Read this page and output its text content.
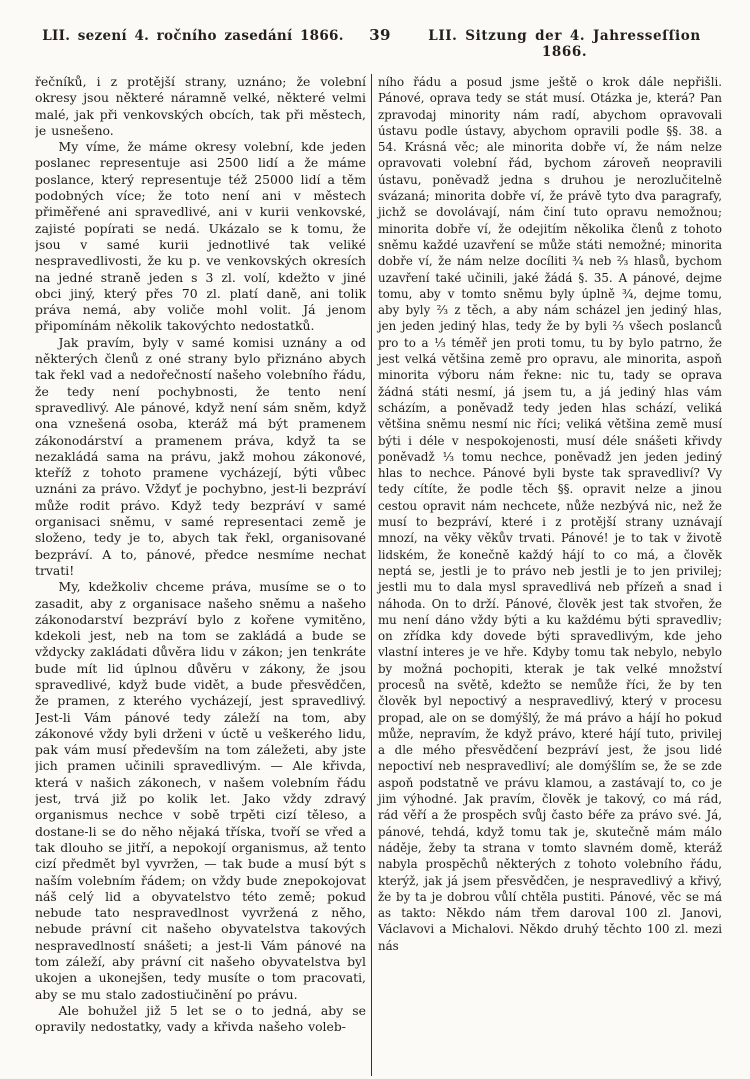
LII. sezení 4. ročního zasedání 1866.	39	LII. Sitzung der 4. Jahresseſſion 1866.

řečníků, i z protější strany, uznáno; že volební okresy jsou některé náramně velké, některé velmi malé, jak při venkovských obcích, tak při městech, je usnešeno.

My víme, že máme okresy volební, kde jeden poslanec representuje asi 2500 lidí a že máme poslance, který representuje též 25000 lidí a těm podobných více; že toto není ani v městech přiměřené ani spravedlivé, ani v kurii venkovské, zajisté popírati se nedá. Ukázalo se k tomu, že jsou v samé kurii jednotlivé tak veliké nespravedlivosti, že ku p. ve venkovských okresích na jedné straně jeden s 3 zl. volí, kdežto v jiné obci jiný, který přes 70 zl. platí daně, ani tolik práva nemá, aby voliče mohl volit. Já jenom připomínám několik takovýchto nedostatků.

Jak pravím, byly v samé komisi uznány a od některých členů z oné strany bylo přiznáno abych tak řekl vad a nedořečností našeho volebního řádu, že tedy není pochybnosti, že tento není spravedlivý. Ale pánové, když není sám sněm, když ona vznešená osoba, kteráž má být pramenem zákonodárství a pramenem práva, když ta se nezakládá sama na právu, jakž mohou zákonové, kteříž z tohoto pramene vycházejí, býti vůbec uznáni za právo. Vždyť je pochybno, jest-li bezpráví může rodit právo. Když tedy bezpráví v samé organisaci sněmu, v samé representaci země je složeno, tedy je to, abych tak řekl, organisované bezpráví. A to, pánové, předce nesmíme nechat trvati!

My, kdežkoliv chceme práva, musíme se o to zasadit, aby z organisace našeho sněmu a našeho zákonodarství bezpráví bylo z kořene vymitěno, kdekoli jest, neb na tom se zakládá a bude se vždycky zakládati důvěra lidu v zákon; jen tenkráte bude mít lid úplnou důvěru v zákony, že jsou spravedlivé, když bude vidět, a bude přesvědčen, že pramen, z kterého vycházejí, jest spravedlivý. Jest-li Vám pánové tedy záleží na tom, aby zákonové vždy byli drženi v úctě u veškerého lidu, pak vám musí především na tom záležeti, aby jste jich pramen učinili spravedlivým. — Ale křivda, která v našich zákonech, v našem volebním řádu jest, trvá již po kolik let. Jako vždy zdravý organismus nechce v sobě trpěti cizí těleso, a dostane-li se do něho nějaká tříska, tvoří se vřed a tak dlouho se jitří, a nepokojí organismus, až tento cizí předmět byl vyvržen, — tak bude a musí být s naším volebním řádem; on vždy bude znepokojovat náš celý lid a obyvatelstvo této země; pokud nebude tato nespravedlnost vyvržená z něho, nebude právní cit našeho obyvatelstva takových nespravedlností snášeti; a jest-li Vám pánové na tom záleží, aby právní cit našeho obyvatelstva byl ukojen a ukonejšen, tedy musíte o tom pracovati, aby se mu stalo zadostiučinění po právu.

Ale bohužel již 5 let se o to jedná, aby se opravily nedostatky, vady a křivda našeho voleb-

ního řádu a posud jsme ještě o krok dále nepřišli. Pánové, oprava tedy se stát musí. Otázka je, která? Pan zpravodaj minority nám radí, abychom opravovali ústavu podle ústavy, abychom opravili podle §§. 38. a 54. Krásná věc; ale minorita dobře ví, že nám nelze opravovati volební řád, bychom zároveň neopravili ústavu, poněvadž jedna s druhou je nerozlučitelně svázaná; minorita dobře ví, že právě tyto dva paragrafy, jichž se dovolávají, nám činí tuto opravu nemožnou; minorita dobře ví, že odejitím několika členů z tohoto sněmu každé uzavření se může státi nemožné; minorita dobře ví, že nám nelze docíliti ¾ neb ⅔ hlasů, bychom uzavření také učinili, jaké žádá §. 35. A pánové, dejme tomu, aby v tomto sněmu byly úplně ¾, dejme tomu, aby byly ⅔ z těch, a aby nám scházel jen jediný hlas, jen jeden jediný hlas, tedy že by byli ⅔ všech poslanců pro to a ⅓ téměř jen proti tomu, tu by bylo patrno, že jest velká většina země pro opravu, ale minorita, aspoň minorita výboru nám řekne: nic tu, tady se oprava žádná státi nesmí, já jsem tu, a já jediný hlas vám scházím, a poněvadž tedy jeden hlas schází, veliká většina sněmu nesmí nic říci; veliká většina země musí býti i déle v nespokojenosti, musí déle snášeti křivdy poněvadž ⅓ tomu nechce, poněvadž jen jeden jediný hlas to nechce. Pánové byli byste tak spravedliví? Vy tedy cítíte, že podle těch §§. opravit nelze a jinou cestou opravit nám nechcete, nůže nezbývá nic, než že musí to bezpráví, které i z protější strany uznávají mnozí, na věky věkův trvati. Pánové! je to tak v životě lidském, že konečně každý hájí to co má, a člověk neptá se, jestli je to právo neb jestli je to jen privilej; jestli mu to dala mysl spravedlivá neb přízeň a snad i náhoda. On to drží. Pánové, člověk jest tak stvořen, že mu není dáno vždy býti a ku každému býti spravedliv; on zřídka kdy dovede býti spravedlivým, kde jeho vlastní interes je ve hře. Kdyby tomu tak nebylo, nebylo by možná pochopiti, kterak je tak velké množství procesů na světě, kdežto se nemůže říci, že by ten člověk byl nepoctivý a nespravedlivý, který v procesu propad, ale on se domýšlý, že má právo a hájí ho pokud může, nepravím, že když právo, které hájí tuto, privilej a dle mého přesvědčení bezpráví jest, že jsou lidé nepoctiví neb nespravedliví; ale domýšlím se, že se zde aspoň podstatně ve právu klamou, a zastávají to, co je jim výhodné. Jak pravím, člověk je takový, co má rád, rád věří a že prospěch svůj často béře za právo své. Já, pánové, tehdá, když tomu tak je, skutečně mám málo náděje, žeby ta strana v tomto slavném domě, kteráž nabyla prospěchů některých z tohoto volebního řádu, kterýž, jak já jsem přesvědčen, je nespravedlivý a křivý, že by ta je dobrou vůlí chtěla pustiti. Pánové, věc se má as takto: Někdo nám třem daroval 100 zl. Janovi, Václavovi a Michalovi. Někdo druhý těchto 100 zl. mezi nás
